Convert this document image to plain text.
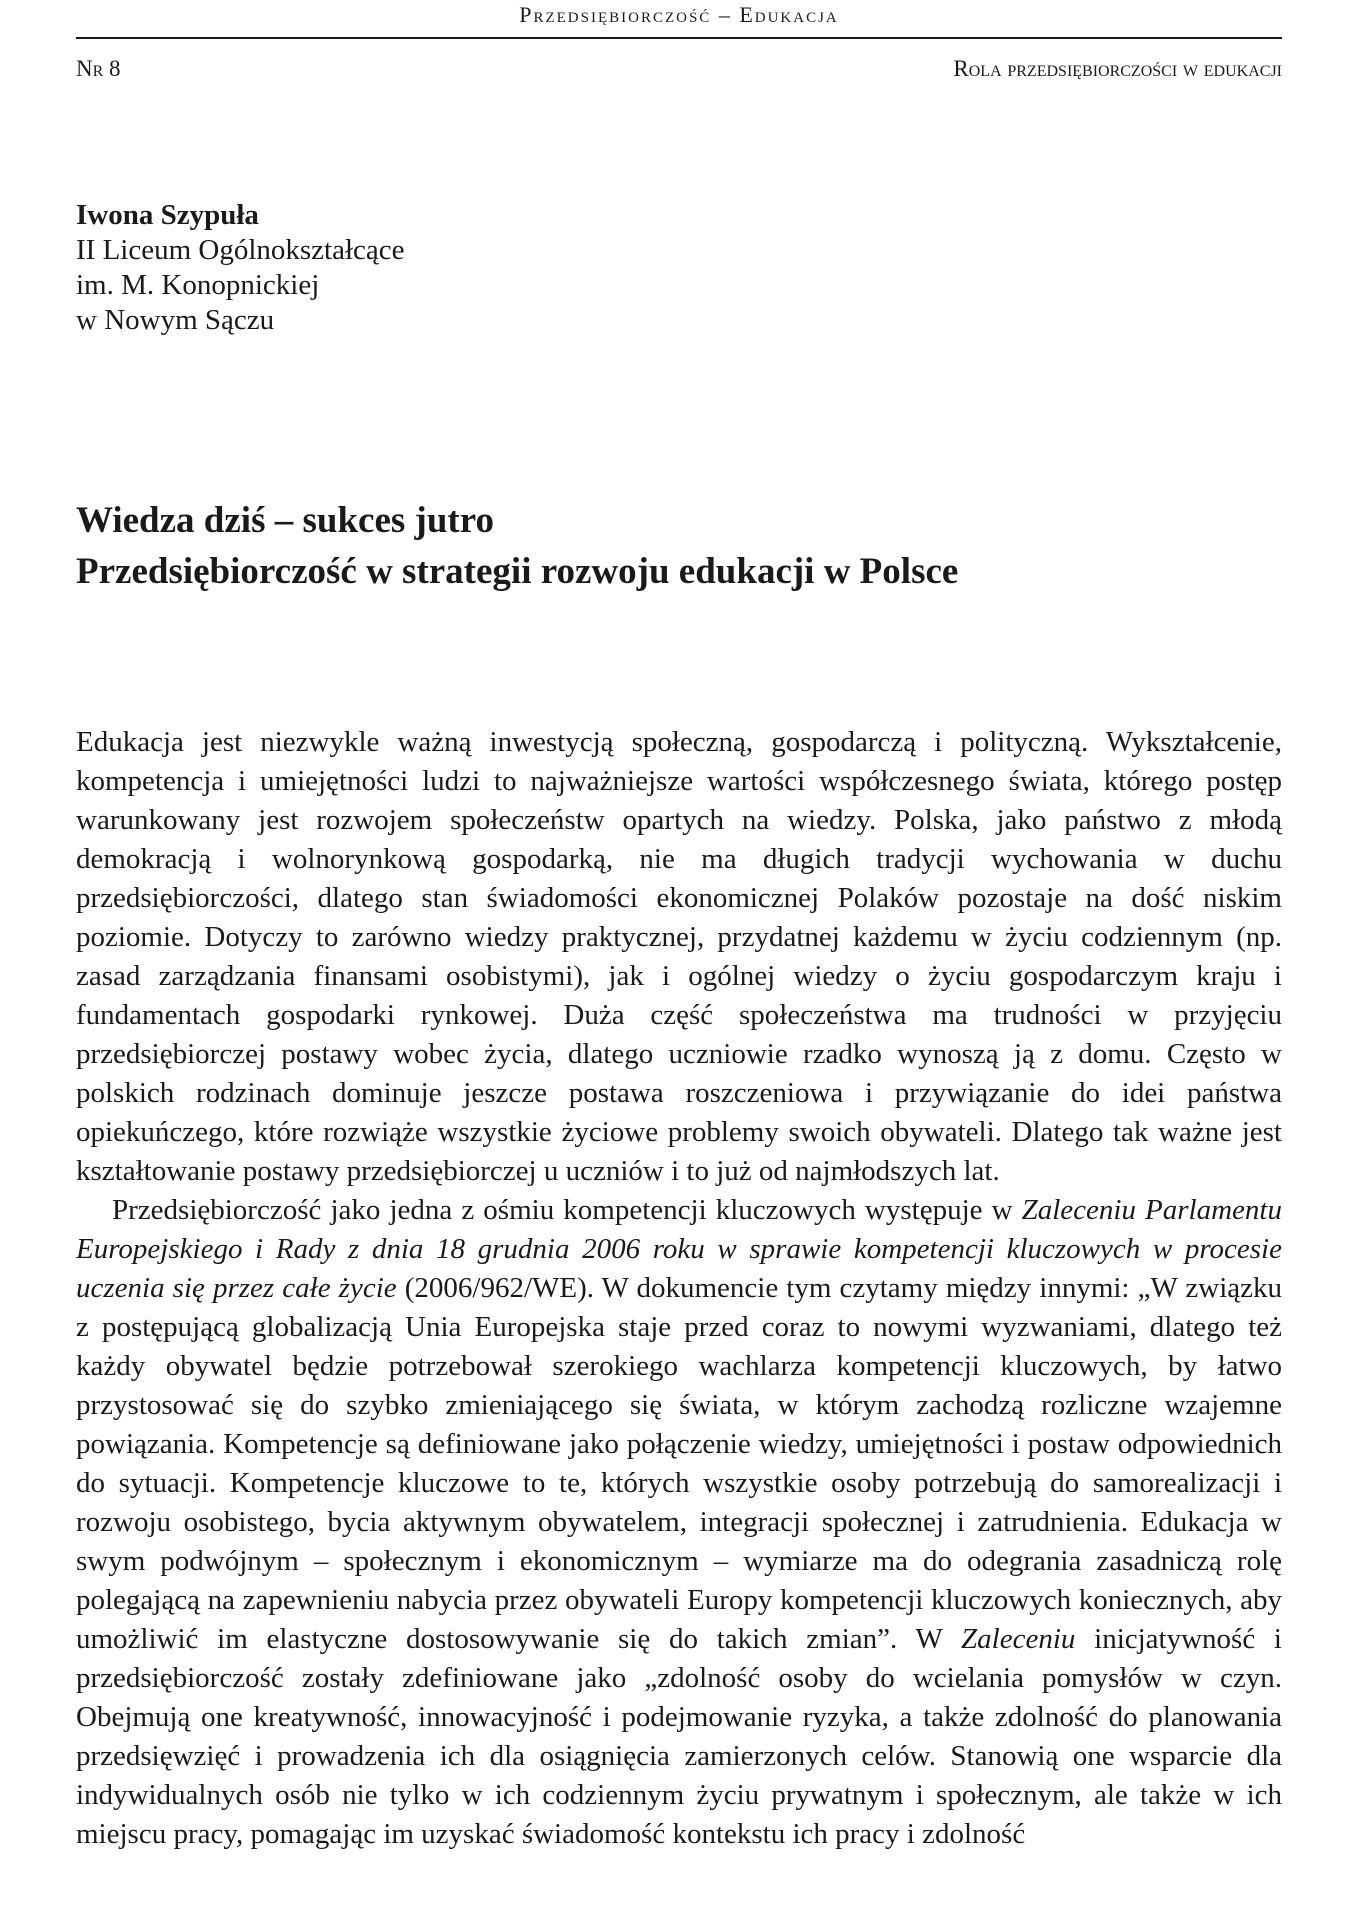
Przedsiębiorczość – Edukacja
Nr 8	Rola przedsiębiorczości w edukacji
Iwona Szypuła
II Liceum Ogólnokształcące
im. M. Konopnickiej
w Nowym Sączu
Wiedza dziś – sukces jutro
Przedsiębiorczość w strategii rozwoju edukacji w Polsce

Edukacja jest niezwykle ważną inwestycją społeczną, gospodarczą i polityczną. Wykształcenie, kompetencja i umiejętności ludzi to najważniejsze wartości współczesnego świata, którego postęp warunkowany jest rozwojem społeczeństw opartych na wiedzy. Polska, jako państwo z młodą demokracją i wolnorynkową gospodarką, nie ma długich tradycji wychowania w duchu przedsiębiorczości, dlatego stan świadomości ekonomicznej Polaków pozostaje na dość niskim poziomie. Dotyczy to zarówno wiedzy praktycznej, przydatnej każdemu w życiu codziennym (np. zasad zarządzania finansami osobistymi), jak i ogólnej wiedzy o życiu gospodarczym kraju i fundamentach gospodarki rynkowej. Duża część społeczeństwa ma trudności w przyjęciu przedsiębiorczej postawy wobec życia, dlatego uczniowie rzadko wynoszą ją z domu. Często w polskich rodzinach dominuje jeszcze postawa roszczeniowa i przywiązanie do idei państwa opiekuńczego, które rozwiąże wszystkie życiowe problemy swoich obywateli. Dlatego tak ważne jest kształtowanie postawy przedsiębiorczej u uczniów i to już od najmłodszych lat.

Przedsiębiorczość jako jedna z ośmiu kompetencji kluczowych występuje w Zaleceniu Parlamentu Europejskiego i Rady z dnia 18 grudnia 2006 roku w sprawie kompetencji kluczowych w procesie uczenia się przez całe życie (2006/962/WE). W dokumencie tym czytamy między innymi: „W związku z postępującą globalizacją Unia Europejska staje przed coraz to nowymi wyzwaniami, dlatego też każdy obywatel będzie potrzebował szerokiego wachlarza kompetencji kluczowych, by łatwo przystosować się do szybko zmieniającego się świata, w którym zachodzą rozliczne wzajemne powiązania. Kompetencje są definiowane jako połączenie wiedzy, umiejętności i postaw odpowiednich do sytuacji. Kompetencje kluczowe to te, których wszystkie osoby potrzebują do samorealizacji i rozwoju osobistego, bycia aktywnym obywatelem, integracji społecznej i zatrudnienia. Edukacja w swym podwójnym – społecznym i ekonomicznym – wymiarze ma do odegrania zasadniczą rolę polegającą na zapewnieniu nabycia przez obywateli Europy kompetencji kluczowych koniecznych, aby umożliwić im elastyczne dostosowywanie się do takich zmian”. W Zaleceniu inicjatywność i przedsiębiorczość zostały zdefiniowane jako „zdolność osoby do wcielania pomysłów w czyn. Obejmują one kreatywność, innowacyjność i podejmowanie ryzyka, a także zdolność do planowania przedsięwzięć i prowadzenia ich dla osiągnięcia zamierzonych celów. Stanowią one wsparcie dla indywidualnych osób nie tylko w ich codziennym życiu prywatnym i społecznym, ale także w ich miejscu pracy, pomagając im uzyskać świadomość kontekstu ich pracy i zdolność
